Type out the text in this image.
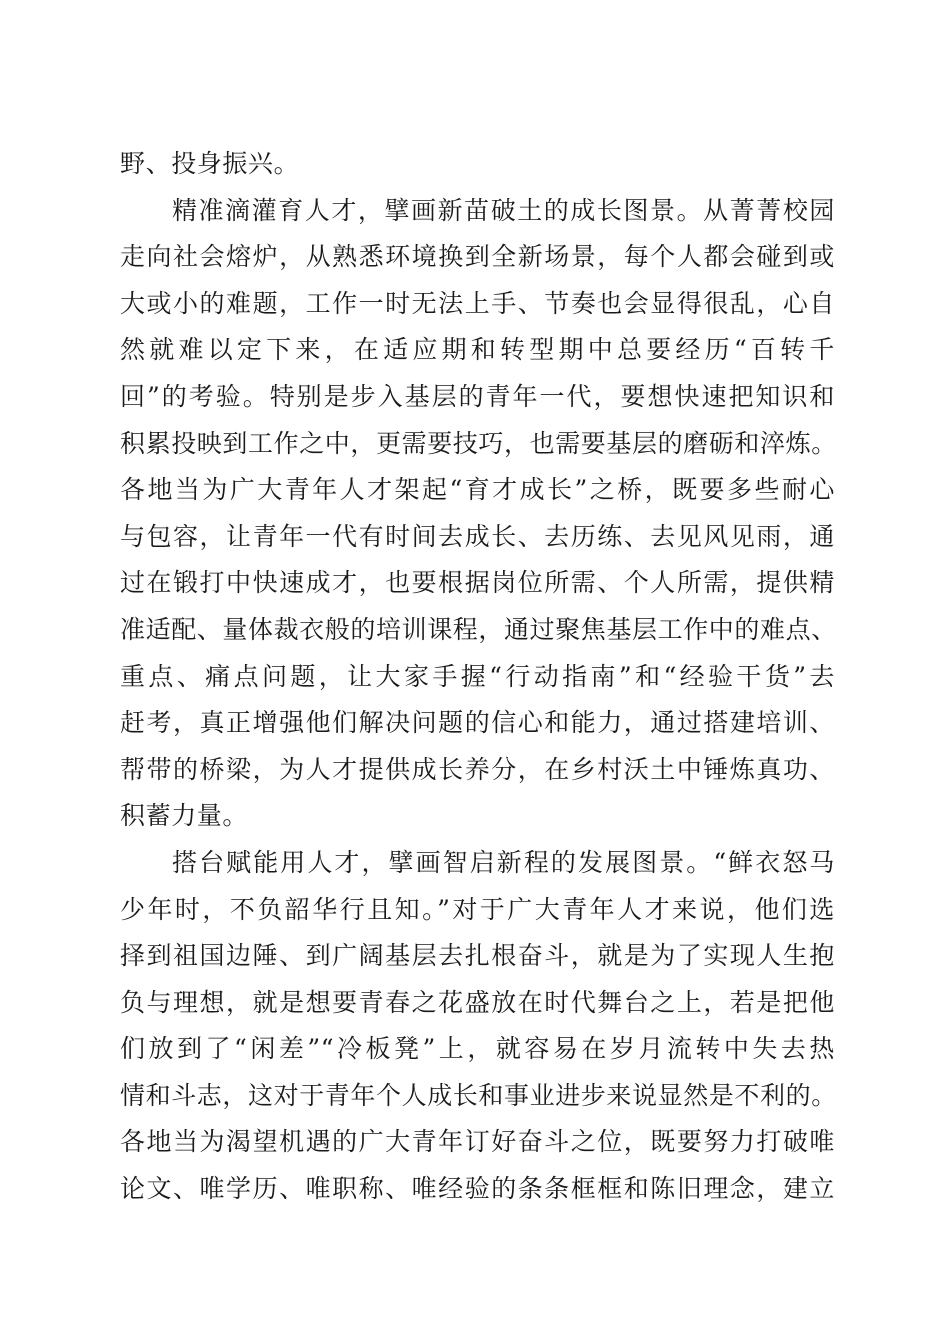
野、投身振兴。
精准滴灌育人才，擘画新苗破土的成长图景。从菁菁校园
走向社会熔炉，从熟悉环境换到全新场景，每个人都会碰到或
大或小的难题，工作一时无法上手、节奏也会显得很乱，心自
然就难以定下来，在适应期和转型期中总要经历“百转千
回”的考验。特别是步入基层的青年一代，要想快速把知识和
积累投映到工作之中，更需要技巧，也需要基层的磨砺和淬炼。
各地当为广大青年人才架起“育才成长”之桥，既要多些耐心
与包容，让青年一代有时间去成长、去历练、去见风见雨，通
过在锻打中快速成才，也要根据岗位所需、个人所需，提供精
准适配、量体裁衣般的培训课程，通过聚焦基层工作中的难点、
重点、痛点问题，让大家手握“行动指南”和“经验干货”去
赶考，真正增强他们解决问题的信心和能力，通过搭建培训、
帮带的桥梁，为人才提供成长养分，在乡村沃土中锤炼真功、
积蓄力量。
搭台赋能用人才，擘画智启新程的发展图景。“鲜衣怒马
少年时，不负韶华行且知。”对于广大青年人才来说，他们选
择到祖国边陲、到广阔基层去扎根奋斗，就是为了实现人生抱
负与理想，就是想要青春之花盛放在时代舞台之上，若是把他
们放到了“闲差”“冷板凳”上，就容易在岁月流转中失去热
情和斗志，这对于青年个人成长和事业进步来说显然是不利的。
各地当为渴望机遇的广大青年订好奋斗之位，既要努力打破唯
论文、唯学历、唯职称、唯经验的条条框框和陈旧理念，建立
